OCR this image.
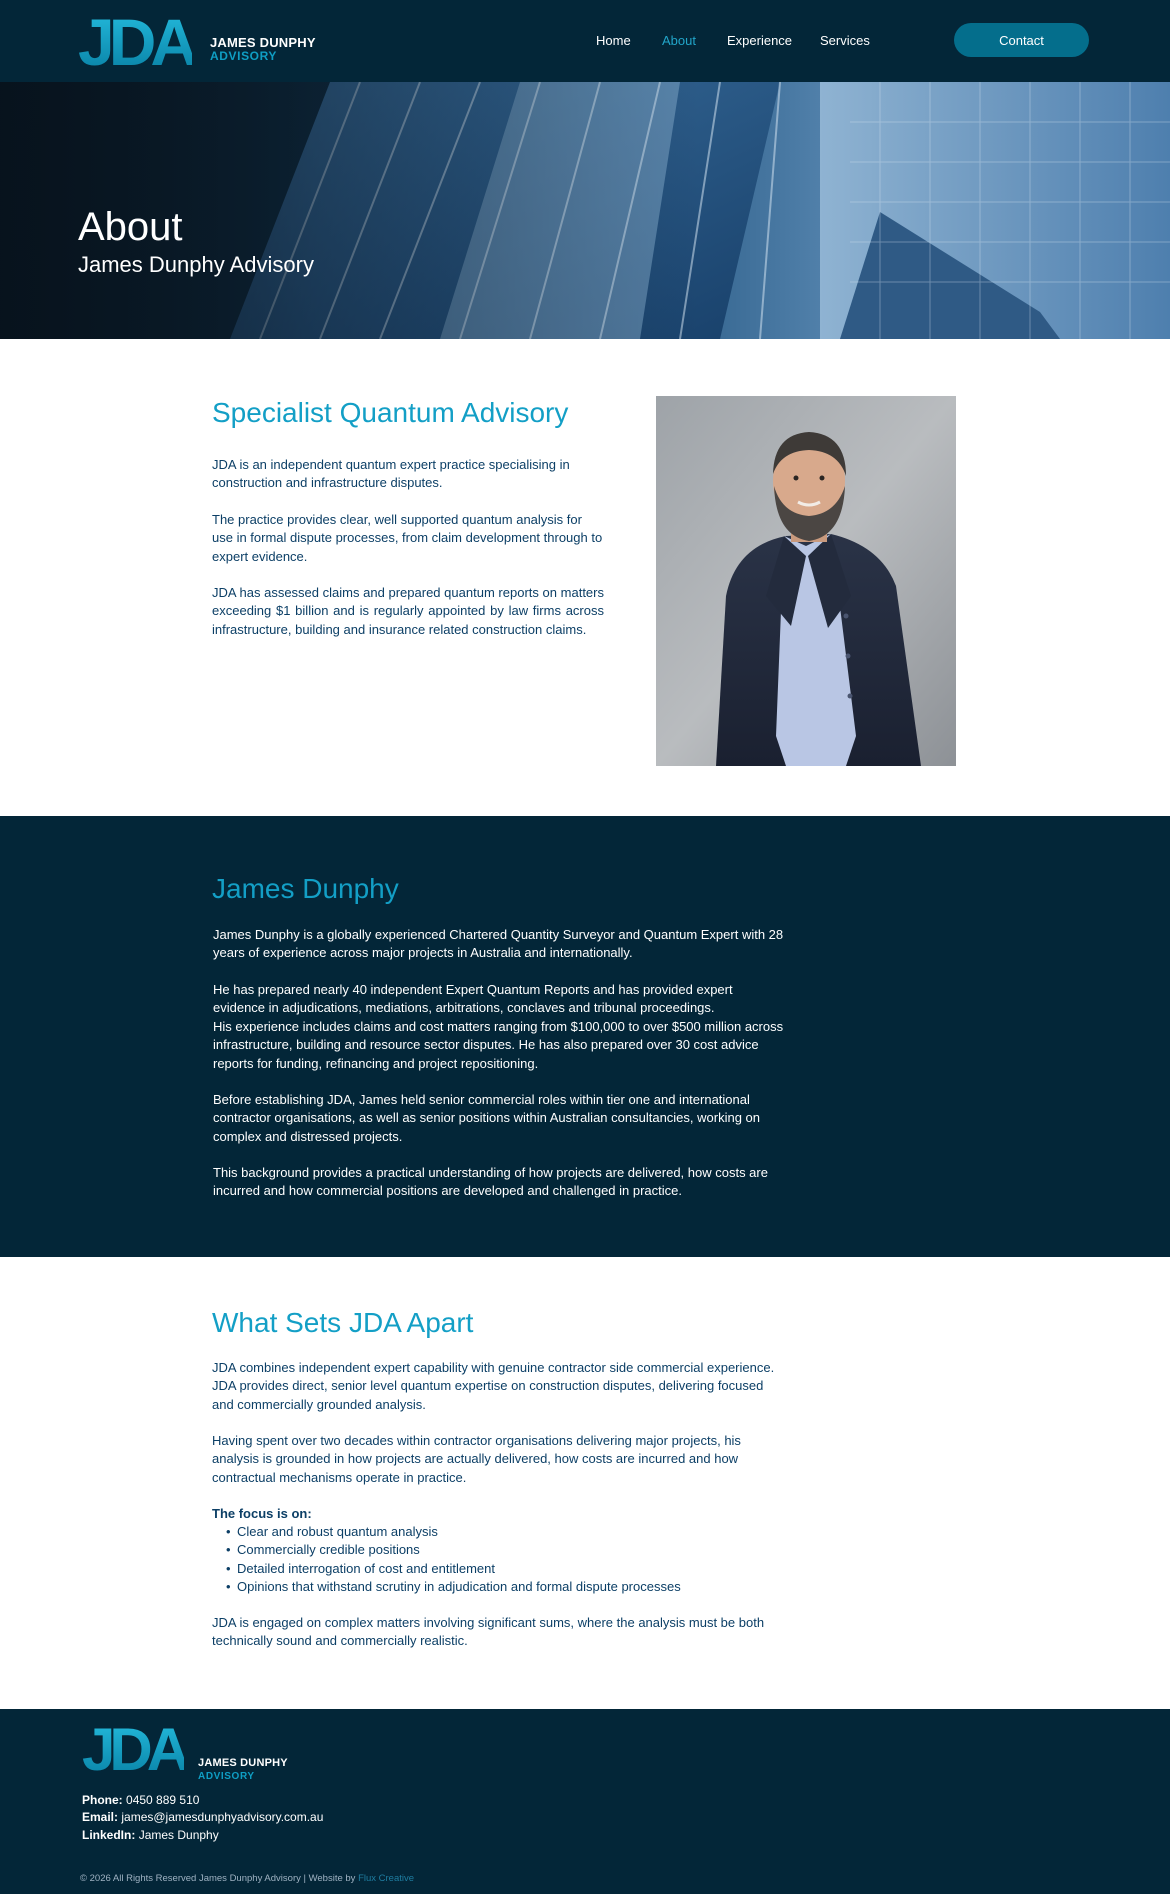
JDA JAMES DUNPHY
ADVISORY
Home About Experience Services	Contact
About
James Dunphy Advisory
Specialist Quantum Advisory

JDA is an independent quantum expert practice specialising in construction and infrastructure disputes.

The practice provides clear, well supported quantum analysis for use in formal dispute processes, from claim development through to expert evidence.

JDA has assessed claims and prepared quantum reports on matters exceeding $1 billion and is regularly appointed by law firms across infrastructure, building and insurance related construction claims.

James Dunphy

James Dunphy is a globally experienced Chartered Quantity Surveyor and Quantum Expert with 28 years of experience across major projects in Australia and internationally.

He has prepared nearly 40 independent Expert Quantum Reports and has provided expert evidence in adjudications, mediations, arbitrations, conclaves and tribunal proceedings.

His experience includes claims and cost matters ranging from $100,000 to over $500 million across infrastructure, building and resource sector disputes. He has also prepared over 30 cost advice reports for funding, refinancing and project repositioning.

Before establishing JDA, James held senior commercial roles within tier one and international contractor organisations, as well as senior positions within Australian consultancies, working on complex and distressed projects.

This background provides a practical understanding of how projects are delivered, how costs are incurred and how commercial positions are developed and challenged in practice.

What Sets JDA Apart

JDA combines independent expert capability with genuine contractor side commercial experience. JDA provides direct, senior level quantum expertise on construction disputes, delivering focused and commercially grounded analysis.

Having spent over two decades within contractor organisations delivering major projects, his analysis is grounded in how projects are actually delivered, how costs are incurred and how contractual mechanisms operate in practice.

The focus is on:

• Clear and robust quantum analysis
• Commercially credible positions
• Detailed interrogation of cost and entitlement
• Opinions that withstand scrutiny in adjudication and formal dispute processes

JDA is engaged on complex matters involving significant sums, where the analysis must be both technically sound and commercially realistic.

JDA JAMES DUNPHY
ADVISORY
Phone: 0450 889 510
Email: james@jamesdunphyadvisory.com.au
LinkedIn: James Dunphy
© 2026 All Rights Reserved James Dunphy Advisory | Website by Flux Creative
